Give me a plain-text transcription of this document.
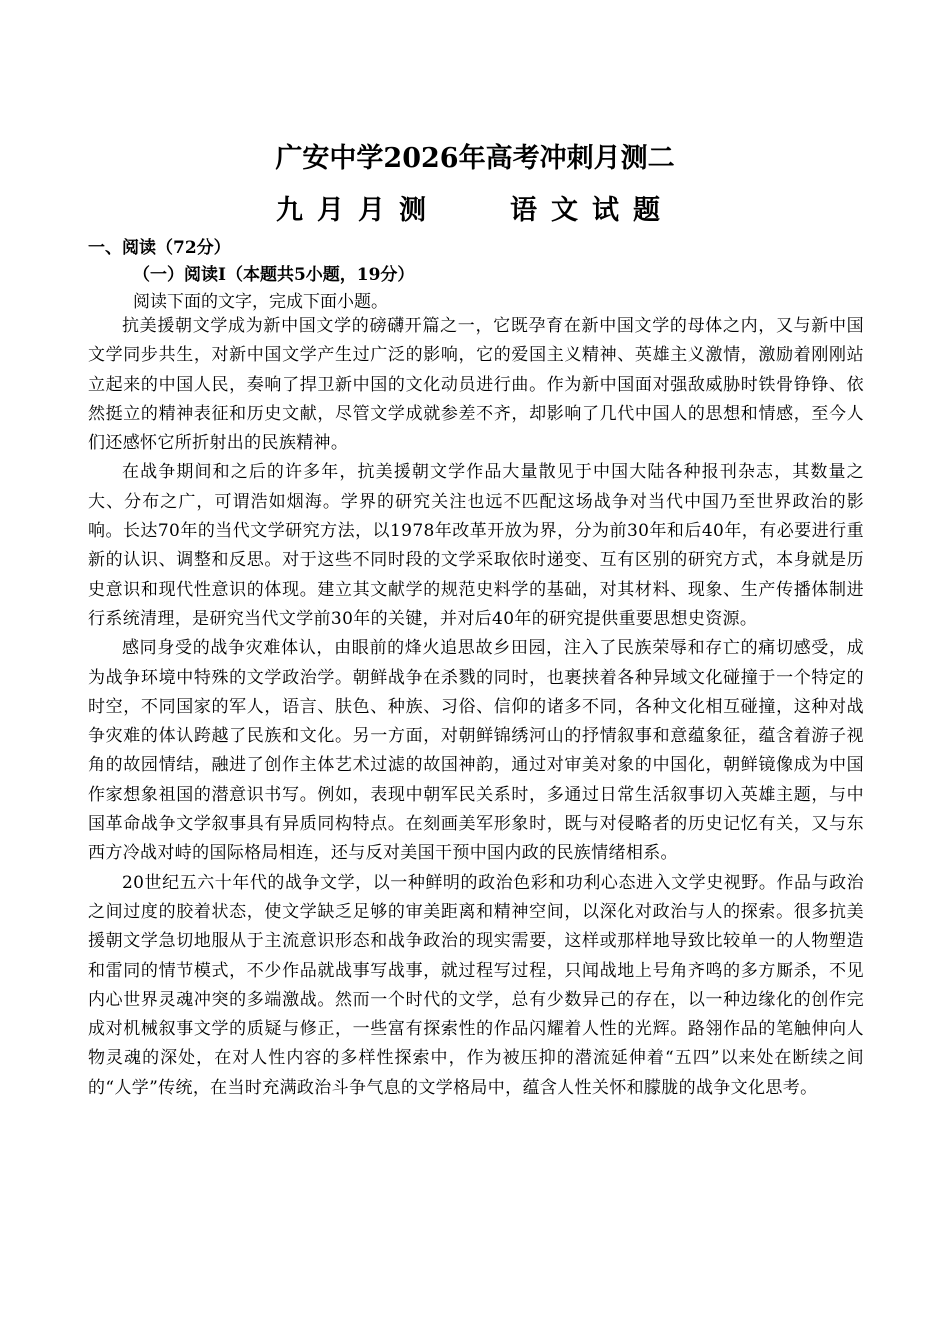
广安中学2026年高考冲刺月测二
九月月测	语文试题
一、阅读（72分）
（一）阅读I（本题共5小题，19分）
阅读下面的文字，完成下面小题。

抗美援朝文学成为新中国文学的磅礴开篇之一，它既孕育在新中国文学的母体之内，又与新中国文学同步共生，对新中国文学产生过广泛的影响，它的爱国主义精神、英雄主义激情，激励着刚刚站立起来的中国人民，奏响了捍卫新中国的文化动员进行曲。作为新中国面对强敌威胁时铁骨铮铮、依然挺立的精神表征和历史文献，尽管文学成就参差不齐，却影响了几代中国人的思想和情感，至今人们还感怀它所折射出的民族精神。

在战争期间和之后的许多年，抗美援朝文学作品大量散见于中国大陆各种报刊杂志，其数量之大、分布之广，可谓浩如烟海。学界的研究关注也远不匹配这场战争对当代中国乃至世界政治的影响。长达70年的当代文学研究方法，以1978年改革开放为界，分为前30年和后40年，有必要进行重新的认识、调整和反思。对于这些不同时段的文学采取依时递变、互有区别的研究方式，本身就是历史意识和现代性意识的体现。建立其文献学的规范史料学的基础，对其材料、现象、生产传播体制进行系统清理，是研究当代文学前30年的关键，并对后40年的研究提供重要思想史资源。

感同身受的战争灾难体认，由眼前的烽火追思故乡田园，注入了民族荣辱和存亡的痛切感受，成为战争环境中特殊的文学政治学。朝鲜战争在杀戮的同时，也裹挟着各种异域文化碰撞于一个特定的时空，不同国家的军人，语言、肤色、种族、习俗、信仰的诸多不同，各种文化相互碰撞，这种对战争灾难的体认跨越了民族和文化。另一方面，对朝鲜锦绣河山的抒情叙事和意蕴象征，蕴含着游子视角的故园情结，融进了创作主体艺术过滤的故国神韵，通过对审美对象的中国化，朝鲜镜像成为中国作家想象祖国的潜意识书写。例如，表现中朝军民关系时，多通过日常生活叙事切入英雄主题，与中国革命战争文学叙事具有异质同构特点。在刻画美军形象时，既与对侵略者的历史记忆有关，又与东西方冷战对峙的国际格局相连，还与反对美国干预中国内政的民族情绪相系。

20世纪五六十年代的战争文学，以一种鲜明的政治色彩和功利心态进入文学史视野。作品与政治之间过度的胶着状态，使文学缺乏足够的审美距离和精神空间，以深化对政治与人的探索。很多抗美援朝文学急切地服从于主流意识形态和战争政治的现实需要，这样或那样地导致比较单一的人物塑造和雷同的情节模式，不少作品就战事写战事，就过程写过程，只闻战地上号角齐鸣的多方厮杀，不见内心世界灵魂冲突的多端激战。然而一个时代的文学，总有少数异己的存在，以一种边缘化的创作完成对机械叙事文学的质疑与修正，一些富有探索性的作品闪耀着人性的光辉。路翎作品的笔触伸向人物灵魂的深处，在对人性内容的多样性探索中，作为被压抑的潜流延伸着“五四”以来处在断续之间的“人学”传统，在当时充满政治斗争气息的文学格局中，蕴含人性关怀和朦胧的战争文化思考。
